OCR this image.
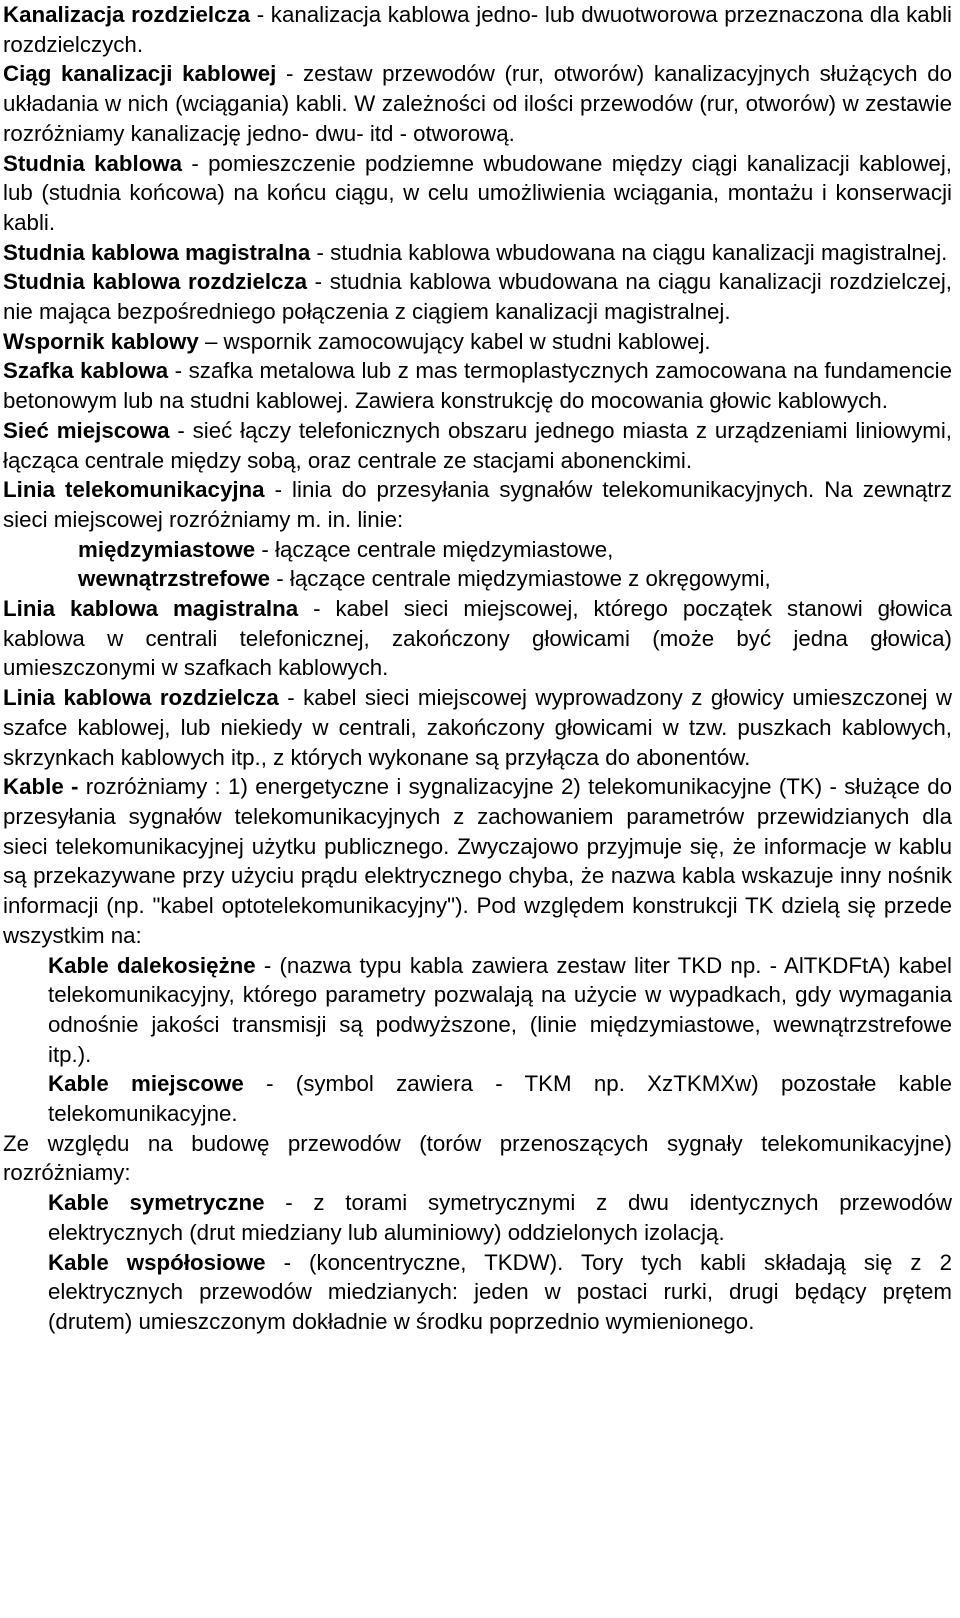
Kanalizacja rozdzielcza - kanalizacja kablowa jedno- lub dwuotworowa przeznaczona dla kabli rozdzielczych.
Ciąg kanalizacji kablowej - zestaw przewodów (rur, otworów) kanalizacyjnych służących do układania w nich (wciągania) kabli. W zależności od ilości przewodów (rur, otworów) w zestawie rozróżniamy kanalizację jedno- dwu- itd - otworową.
Studnia kablowa - pomieszczenie podziemne wbudowane między ciągi kanalizacji kablowej, lub (studnia końcowa) na końcu ciągu, w celu umożliwienia wciągania, montażu i konserwacji kabli.
Studnia kablowa magistralna - studnia kablowa wbudowana na ciągu kanalizacji magistralnej.
Studnia kablowa rozdzielcza - studnia kablowa wbudowana na ciągu kanalizacji rozdzielczej, nie mająca bezpośredniego połączenia z ciągiem kanalizacji magistralnej.
Wspornik kablowy – wspornik zamocowujący kabel w studni kablowej.
Szafka kablowa - szafka metalowa lub z mas termoplastycznych zamocowana na fundamencie betonowym lub na studni kablowej. Zawiera konstrukcję do mocowania głowic kablowych.
Sieć miejscowa - sieć łączy telefonicznych obszaru jednego miasta z urządzeniami liniowymi, łącząca centrale między sobą, oraz centrale ze stacjami abonenckimi.
Linia telekomunikacyjna - linia do przesyłania sygnałów telekomunikacyjnych. Na zewnątrz sieci miejscowej rozróżniamy m. in. linie:
międzymiastowe - łączące centrale międzymiastowe,
wewnątrzstrefowe - łączące centrale międzymiastowe z okręgowymi,
Linia kablowa magistralna - kabel sieci miejscowej, którego początek stanowi głowica kablowa w centrali telefonicznej, zakończony głowicami (może być jedna głowica) umieszczonymi w szafkach kablowych.
Linia kablowa rozdzielcza - kabel sieci miejscowej wyprowadzony z głowicy umieszczonej w szafce kablowej, lub niekiedy w centrali, zakończony głowicami w tzw. puszkach kablowych, skrzynkach kablowych itp., z których wykonane są przyłącza do abonentów.
Kable - rozróżniamy : 1) energetyczne i sygnalizacyjne 2) telekomunikacyjne (TK) - służące do przesyłania sygnałów telekomunikacyjnych z zachowaniem parametrów przewidzianych dla sieci telekomunikacyjnej użytku publicznego. Zwyczajowo przyjmuje się, że informacje w kablu są przekazywane przy użyciu prądu elektrycznego chyba, że nazwa kabla wskazuje inny nośnik informacji (np. "kabel optotelekomunikacyjny"). Pod względem konstrukcji TK dzielą się przede wszystkim na:
Kable dalekosiężne - (nazwa typu kabla zawiera zestaw liter TKD np. - AlTKDFtA) kabel telekomunikacyjny, którego parametry pozwalają na użycie w wypadkach, gdy wymagania odnośnie jakości transmisji są podwyższone, (linie międzymiastowe, wewnątrzstrefowe itp.).
Kable miejscowe - (symbol zawiera - TKM np. XzTKMXw) pozostałe kable telekomunikacyjne.
Ze względu na budowę przewodów (torów przenoszących sygnały telekomunikacyjne) rozróżniamy:
Kable symetryczne - z torami symetrycznymi z dwu identycznych przewodów elektrycznych (drut miedziany lub aluminiowy) oddzielonych izolacją.
Kable współosiowe - (koncentryczne, TKDW). Tory tych kabli składają się z 2 elektrycznych przewodów miedzianych: jeden w postaci rurki, drugi będący prętem (drutem) umieszczonym dokładnie w środku poprzednio wymienionego.
